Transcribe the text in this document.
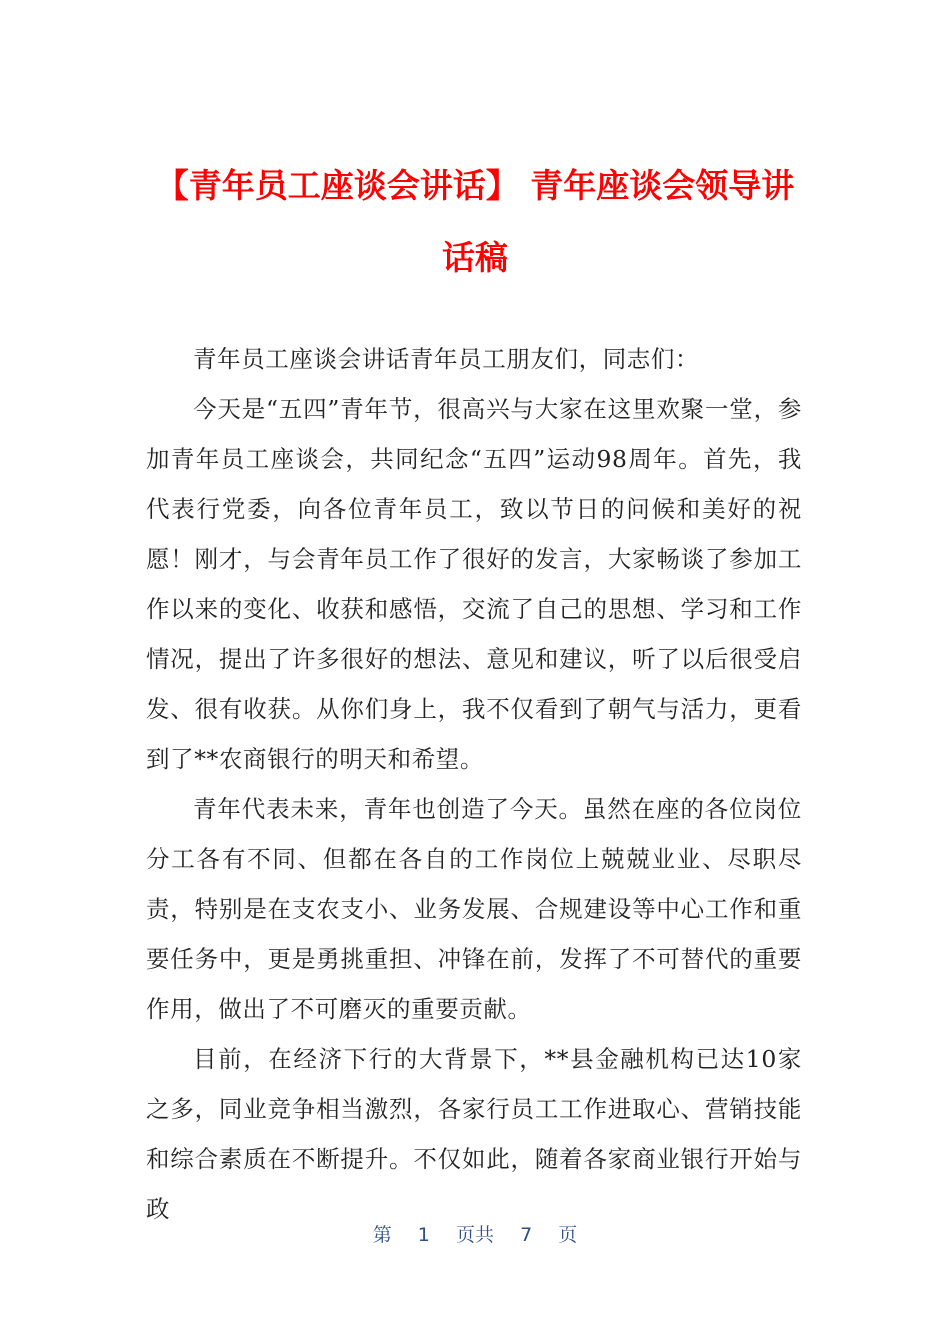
【青年员工座谈会讲话】 青年座谈会领导讲
话稿

青年员工座谈会讲话青年员工朋友们，同志们：

今天是“五四”青年节，很高兴与大家在这里欢聚一堂，参加青年员工座谈会，共同纪念“五四”运动98周年。首先，我代表行党委，向各位青年员工，致以节日的问候和美好的祝愿！刚才，与会青年员工作了很好的发言，大家畅谈了参加工作以来的变化、收获和感悟，交流了自己的思想、学习和工作情况，提出了许多很好的想法、意见和建议，听了以后很受启发、很有收获。从你们身上，我不仅看到了朝气与活力，更看到了**农商银行的明天和希望。

青年代表未来，青年也创造了今天。虽然在座的各位岗位分工各有不同、但都在各自的工作岗位上兢兢业业、尽职尽责，特别是在支农支小、业务发展、合规建设等中心工作和重要任务中，更是勇挑重担、冲锋在前，发挥了不可替代的重要作用，做出了不可磨灭的重要贡献。

目前，在经济下行的大背景下，**县金融机构已达10家之多，同业竞争相当激烈，各家行员工工作进取心、营销技能和综合素质在不断提升。不仅如此，随着各家商业银行开始与政

第 1 页共 7 页
